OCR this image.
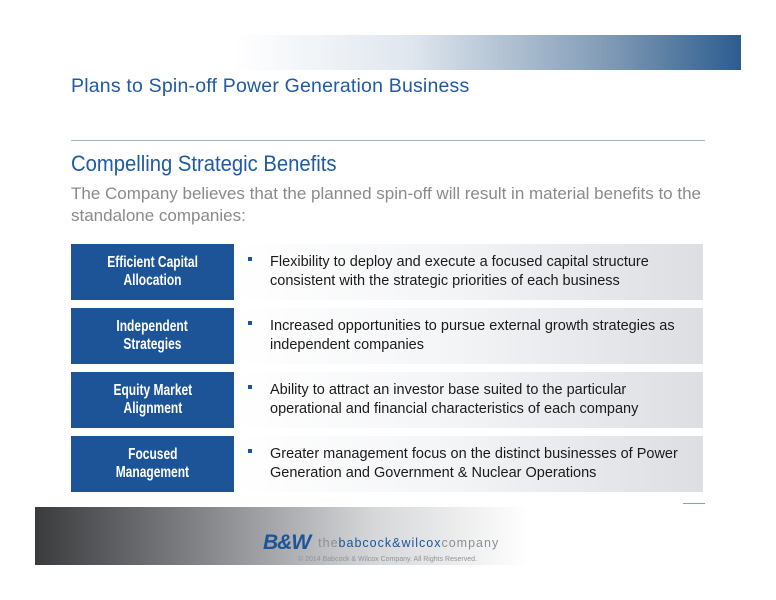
Plans to Spin-off Power Generation Business
Compelling Strategic Benefits
The Company believes that the planned spin-off will result in material benefits to the standalone companies:
Efficient Capital
Allocation
Flexibility to deploy and execute a focused capital structure consistent with the strategic priorities of each business
Independent
Strategies
Increased opportunities to pursue external growth strategies as independent companies
Equity Market
Alignment
Ability to attract an investor base suited to the particular operational and financial characteristics of each company
Focused
Management
Greater management focus on the distinct businesses of Power Generation and Government & Nuclear Operations
B&W thebabcock&wilcoxcompany
© 2014 Babcock & Wilcox Company. All Rights Reserved.
